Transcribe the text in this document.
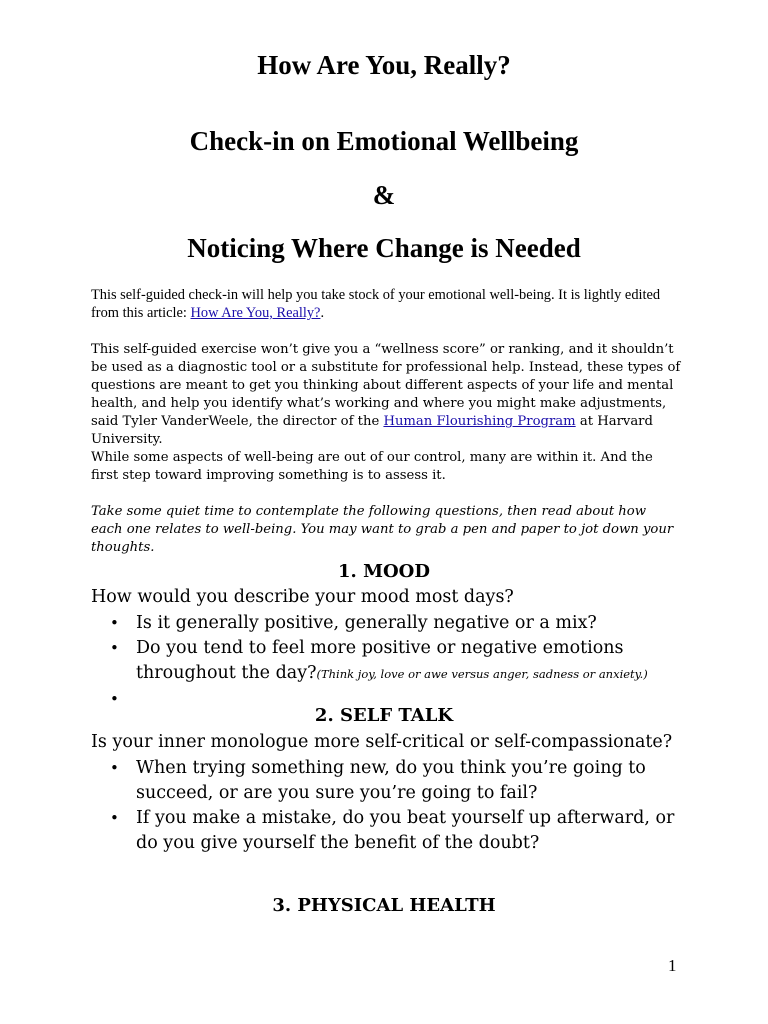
How Are You, Really?
Check-in on Emotional Wellbeing
&
Noticing Where Change is Needed
This self-guided check-in will help you take stock of your emotional well-being. It is lightly edited from this article: How Are You, Really?.
This self-guided exercise won’t give you a “wellness score” or ranking, and it shouldn’t be used as a diagnostic tool or a substitute for professional help. Instead, these types of questions are meant to get you thinking about different aspects of your life and mental health, and help you identify what’s working and where you might make adjustments, said Tyler VanderWeele, the director of the Human Flourishing Program at Harvard University.
While some aspects of well-being are out of our control, many are within it. And the first step toward improving something is to assess it.
Take some quiet time to contemplate the following questions, then read about how each one relates to well-being. You may want to grab a pen and paper to jot down your thoughts.
1. MOOD
How would you describe your mood most days?
• Is it generally positive, generally negative or a mix?
• Do you tend to feel more positive or negative emotions throughout the day?(Think joy, love or awe versus anger, sadness or anxiety.)
•

2. SELF TALK
Is your inner monologue more self-critical or self-compassionate?
• When trying something new, do you think you’re going to succeed, or are you sure you’re going to fail?
• If you make a mistake, do you beat yourself up afterward, or do you give yourself the benefit of the doubt?
3. PHYSICAL HEALTH
1
